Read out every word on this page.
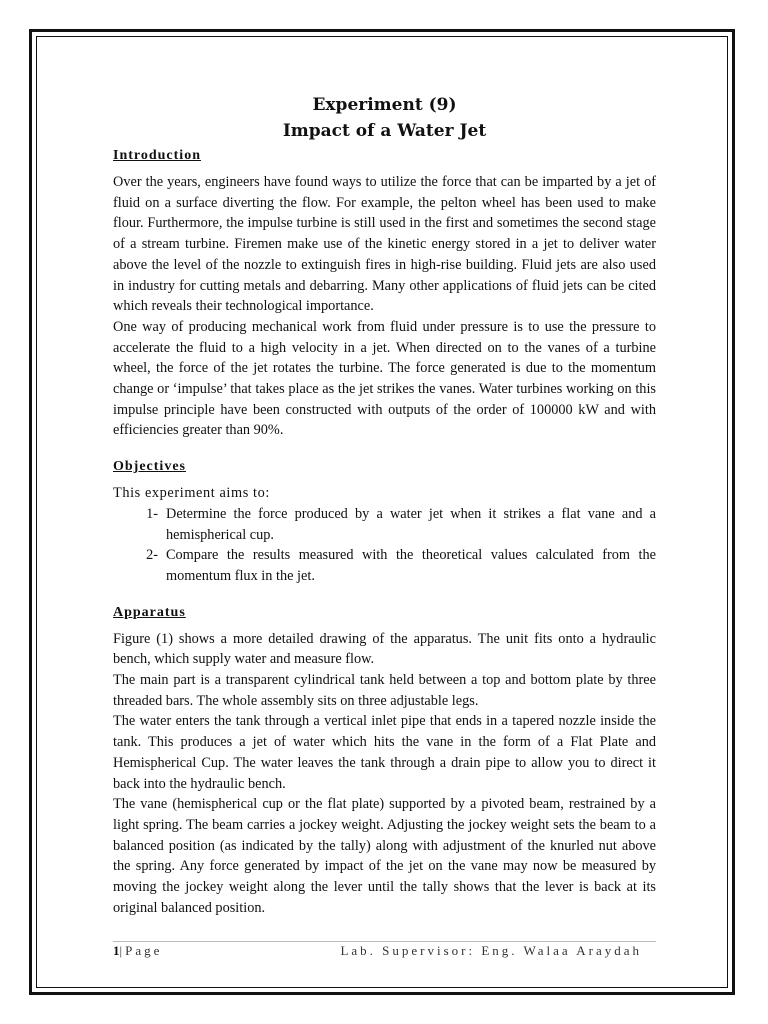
Experiment (9)
Impact of a Water Jet
Introduction

Over the years, engineers have found ways to utilize the force that can be imparted by a jet of fluid on a surface diverting the flow. For example, the pelton wheel has been used to make flour. Furthermore, the impulse turbine is still used in the first and sometimes the second stage of a stream turbine. Firemen make use of the kinetic energy stored in a jet to deliver water above the level of the nozzle to extinguish fires in high-rise building. Fluid jets are also used in industry for cutting metals and debarring. Many other applications of fluid jets can be cited which reveals their technological importance.

One way of producing mechanical work from fluid under pressure is to use the pressure to accelerate the fluid to a high velocity in a jet. When directed on to the vanes of a turbine wheel, the force of the jet rotates the turbine. The force generated is due to the momentum change or ‘impulse’ that takes place as the jet strikes the vanes. Water turbines working on this impulse principle have been constructed with outputs of the order of 100000 kW and with efficiencies greater than 90%.

Objectives

This experiment aims to:

1- Determine the force produced by a water jet when it strikes a flat vane and a hemispherical cup.
2- Compare the results measured with the theoretical values calculated from the momentum flux in the jet.
Apparatus

Figure (1) shows a more detailed drawing of the apparatus. The unit fits onto a hydraulic bench, which supply water and measure flow.

The main part is a transparent cylindrical tank held between a top and bottom plate by three threaded bars. The whole assembly sits on three adjustable legs.

The water enters the tank through a vertical inlet pipe that ends in a tapered nozzle inside the tank. This produces a jet of water which hits the vane in the form of a Flat Plate and Hemispherical Cup. The water leaves the tank through a drain pipe to allow you to direct it back into the hydraulic bench.

The vane (hemispherical cup or the flat plate) supported by a pivoted beam, restrained by a light spring. The beam carries a jockey weight. Adjusting the jockey weight sets the beam to a balanced position (as indicated by the tally) along with adjustment of the knurled nut above the spring. Any force generated by impact of the jet on the vane may now be measured by moving the jockey weight along the lever until the tally shows that the lever is back at its original balanced position.

1|Page	Lab. Supervisor: Eng. Walaa Araydah
